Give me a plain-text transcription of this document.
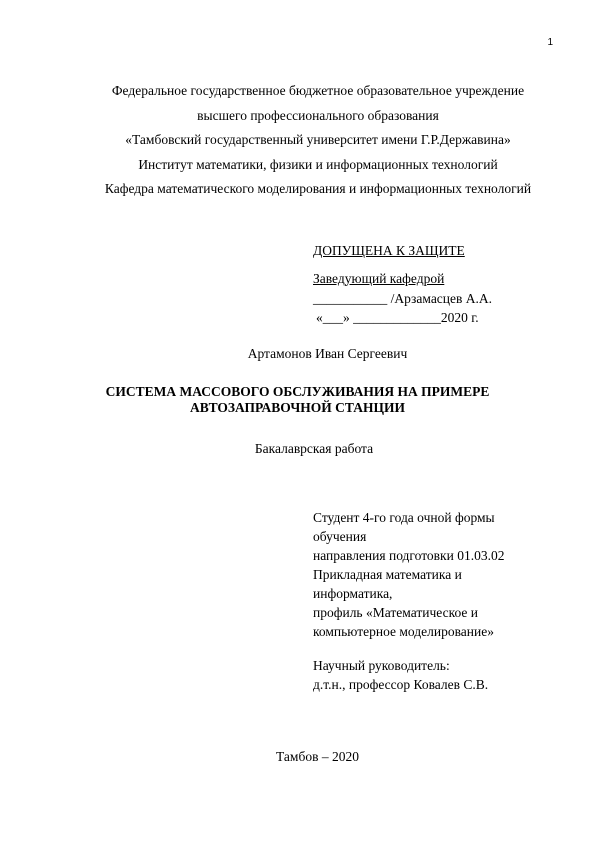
1
Федеральное государственное бюджетное образовательное учреждение
высшего профессионального образования
«Тамбовский государственный университет имени Г.Р.Державина»
Институт математики, физики и информационных технологий
Кафедра математического моделирования и информационных технологий
ДОПУЩЕНА К ЗАЩИТЕ
Заведующий кафедрой
___________ /Арзамасцев А.А.
«___» _____________2020 г.
Артамонов Иван Сергеевич
СИСТЕМА МАССОВОГО ОБСЛУЖИВАНИЯ НА ПРИМЕРЕ
АВТОЗАПРАВОЧНОЙ СТАНЦИИ
Бакалаврская работа
Студент 4-го года очной формы
обучения
направления подготовки 01.03.02
Прикладная математика и
информатика,
профиль «Математическое и
компьютерное моделирование»
Научный руководитель:
д.т.н., профессор Ковалев С.В.
Тамбов – 2020
